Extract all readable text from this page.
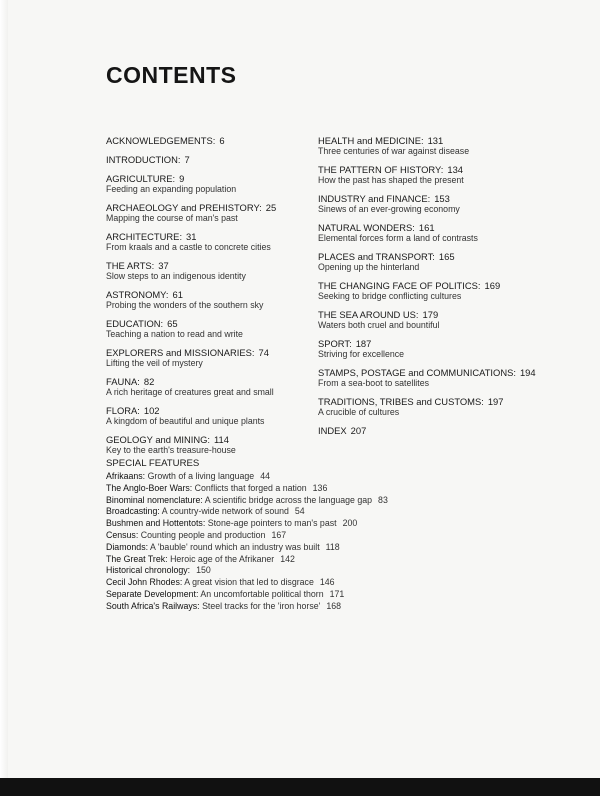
CONTENTS
ACKNOWLEDGEMENTS: 6
INTRODUCTION: 7
AGRICULTURE: 9
Feeding an expanding population
ARCHAEOLOGY and PREHISTORY: 25
Mapping the course of man's past
ARCHITECTURE: 31
From kraals and a castle to concrete cities
THE ARTS: 37
Slow steps to an indigenous identity
ASTRONOMY: 61
Probing the wonders of the southern sky
EDUCATION: 65
Teaching a nation to read and write
EXPLORERS and MISSIONARIES: 74
Lifting the veil of mystery
FAUNA: 82
A rich heritage of creatures great and small
FLORA: 102
A kingdom of beautiful and unique plants
GEOLOGY and MINING: 114
Key to the earth's treasure-house
HEALTH and MEDICINE: 131
Three centuries of war against disease
THE PATTERN OF HISTORY: 134
How the past has shaped the present
INDUSTRY and FINANCE: 153
Sinews of an ever-growing economy
NATURAL WONDERS: 161
Elemental forces form a land of contrasts
PLACES and TRANSPORT: 165
Opening up the hinterland
THE CHANGING FACE OF POLITICS: 169
Seeking to bridge conflicting cultures
THE SEA AROUND US: 179
Waters both cruel and bountiful
SPORT: 187
Striving for excellence
STAMPS, POSTAGE and COMMUNICATIONS: 194
From a sea-boot to satellites
TRADITIONS, TRIBES and CUSTOMS: 197
A crucible of cultures
INDEX 207
SPECIAL FEATURES
Afrikaans: Growth of a living language 44
The Anglo-Boer Wars: Conflicts that forged a nation 136
Binominal nomenclature: A scientific bridge across the language gap 83
Broadcasting: A country-wide network of sound 54
Bushmen and Hottentots: Stone-age pointers to man's past 200
Census: Counting people and production 167
Diamonds: A 'bauble' round which an industry was built 118
The Great Trek: Heroic age of the Afrikaner 142
Historical chronology: 150
Cecil John Rhodes: A great vision that led to disgrace 146
Separate Development: An uncomfortable political thorn 171
South Africa's Railways: Steel tracks for the 'iron horse' 168
